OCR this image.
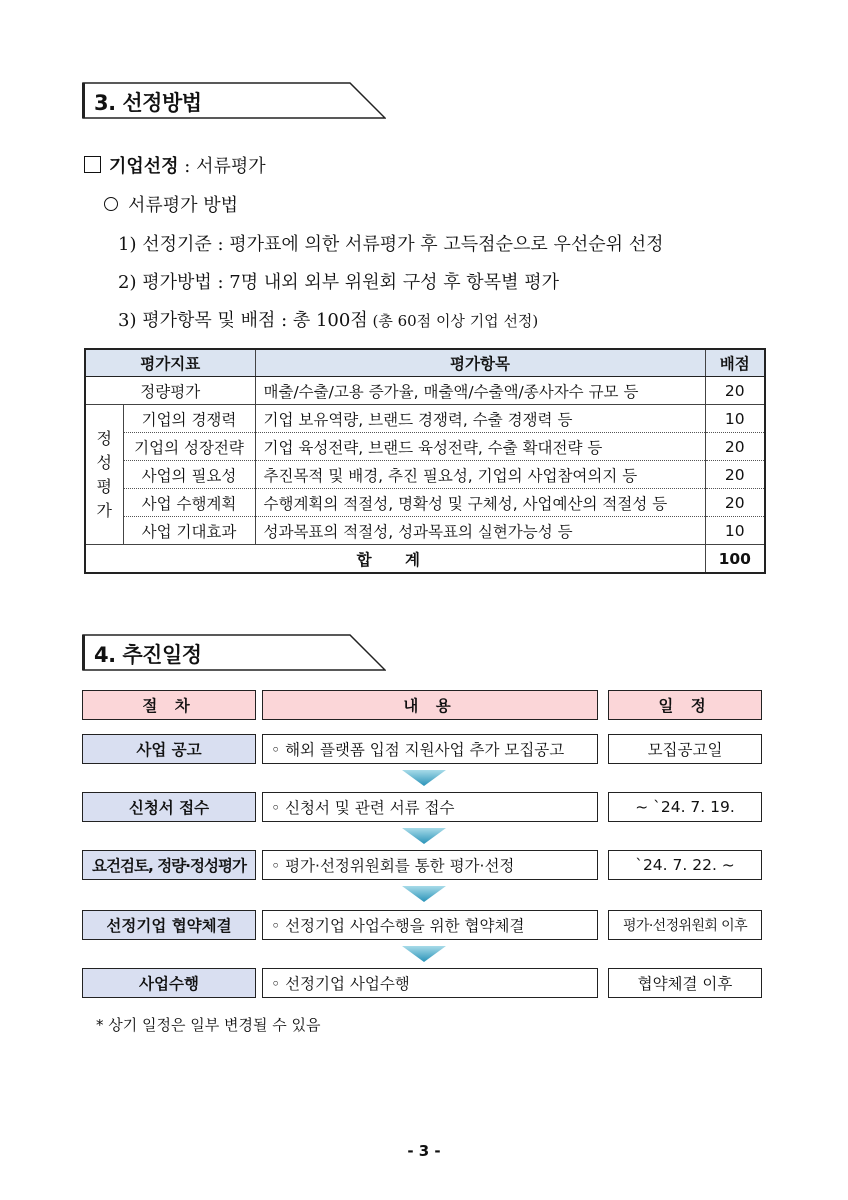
3. 선정방법
기업선정 : 서류평가
서류평가 방법
1) 선정기준 : 평가표에 의한 서류평가 후 고득점순으로 우선순위 선정
2) 평가방법 : 7명 내외 외부 위원회 구성 후 항목별 평가
3) 평가항목 및 배점 : 총 100점 (총 60점 이상 기업 선정)
평가지표		평가항목	배점
정량평가		매출/수출/고용 증가율, 매출액/수출액/종사자수 규모 등	20
정
성
평
가	기업의 경쟁력	기업 보유역량, 브랜드 경쟁력, 수출 경쟁력 등	10
	기업의 성장전략	기업 육성전략, 브랜드 육성전략, 수출 확대전략 등	20
	사업의 필요성	추진목적 및 배경, 추진 필요성, 기업의 사업참여의지 등	20
	사업 수행계획	수행계획의 적절성, 명확성 및 구체성, 사업예산의 적절성 등	20
	사업 기대효과	성과목표의 적절성, 성과목표의 실현가능성 등	10
합 계			100
4. 추진일정
절 차	내 용	일 정
사업 공고	◦ 해외 플랫폼 입점 지원사업 추가 모집공고	모집공고일
신청서 접수	◦ 신청서 및 관련 서류 접수	~ `24. 7. 19.
요건검토, 정량·정성평가	◦ 평가·선정위원회를 통한 평가·선정	`24. 7. 22. ~
선정기업 협약체결	◦ 선정기업 사업수행을 위한 협약체결	평가·선정위원회 이후
사업수행	◦ 선정기업 사업수행	협약체결 이후
* 상기 일정은 일부 변경될 수 있음
- 3 -
